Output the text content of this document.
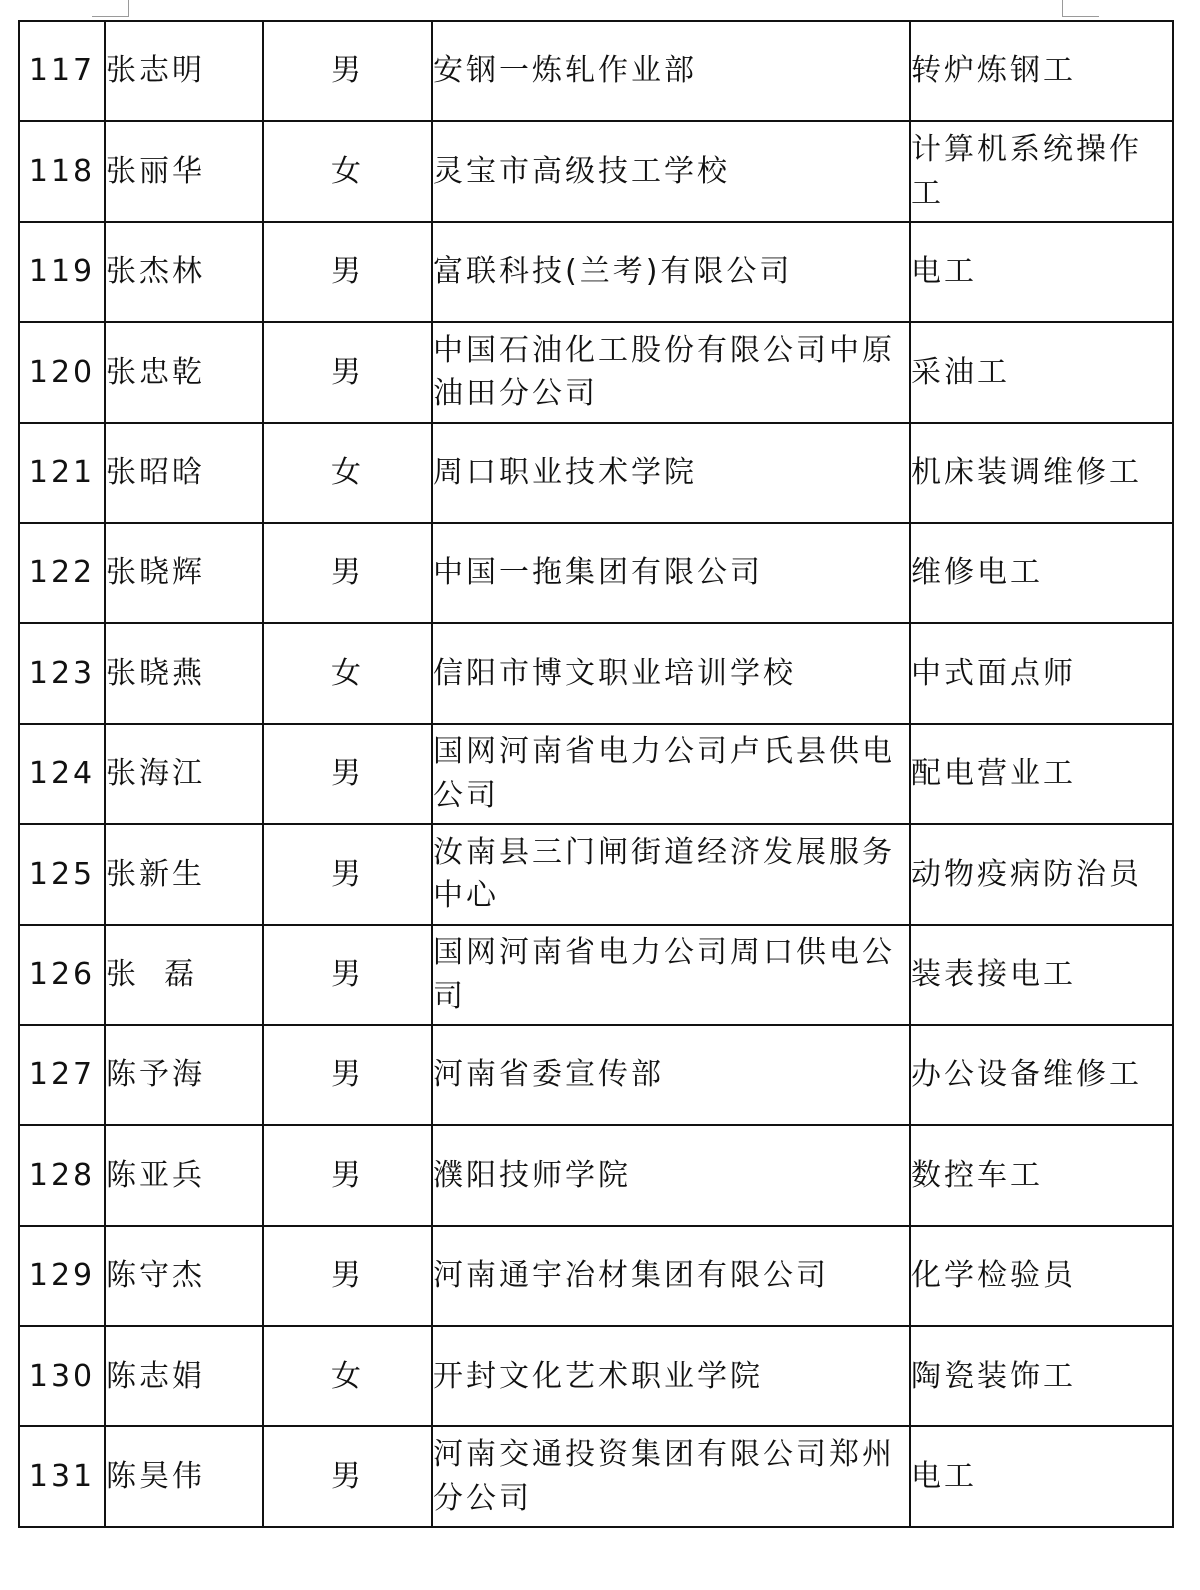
117	张志明	男	安钢一炼轧作业部	转炉炼钢工
118	张丽华	女	灵宝市高级技工学校	计算机系统操作工
119	张杰林	男	富联科技(兰考)有限公司	电工
120	张忠乾	男	中国石油化工股份有限公司中原油田分公司	采油工
121	张昭晗	女	周口职业技术学院	机床装调维修工
122	张晓辉	男	中国一拖集团有限公司	维修电工
123	张晓燕	女	信阳市博文职业培训学校	中式面点师
124	张海江	男	国网河南省电力公司卢氏县供电公司	配电营业工
125	张新生	男	汝南县三门闸街道经济发展服务中心	动物疫病防治员
126	张  磊	男	国网河南省电力公司周口供电公司	装表接电工
127	陈予海	男	河南省委宣传部	办公设备维修工
128	陈亚兵	男	濮阳技师学院	数控车工
129	陈守杰	男	河南通宇冶材集团有限公司	化学检验员
130	陈志娟	女	开封文化艺术职业学院	陶瓷装饰工
131	陈昊伟	男	河南交通投资集团有限公司郑州分公司	电工
